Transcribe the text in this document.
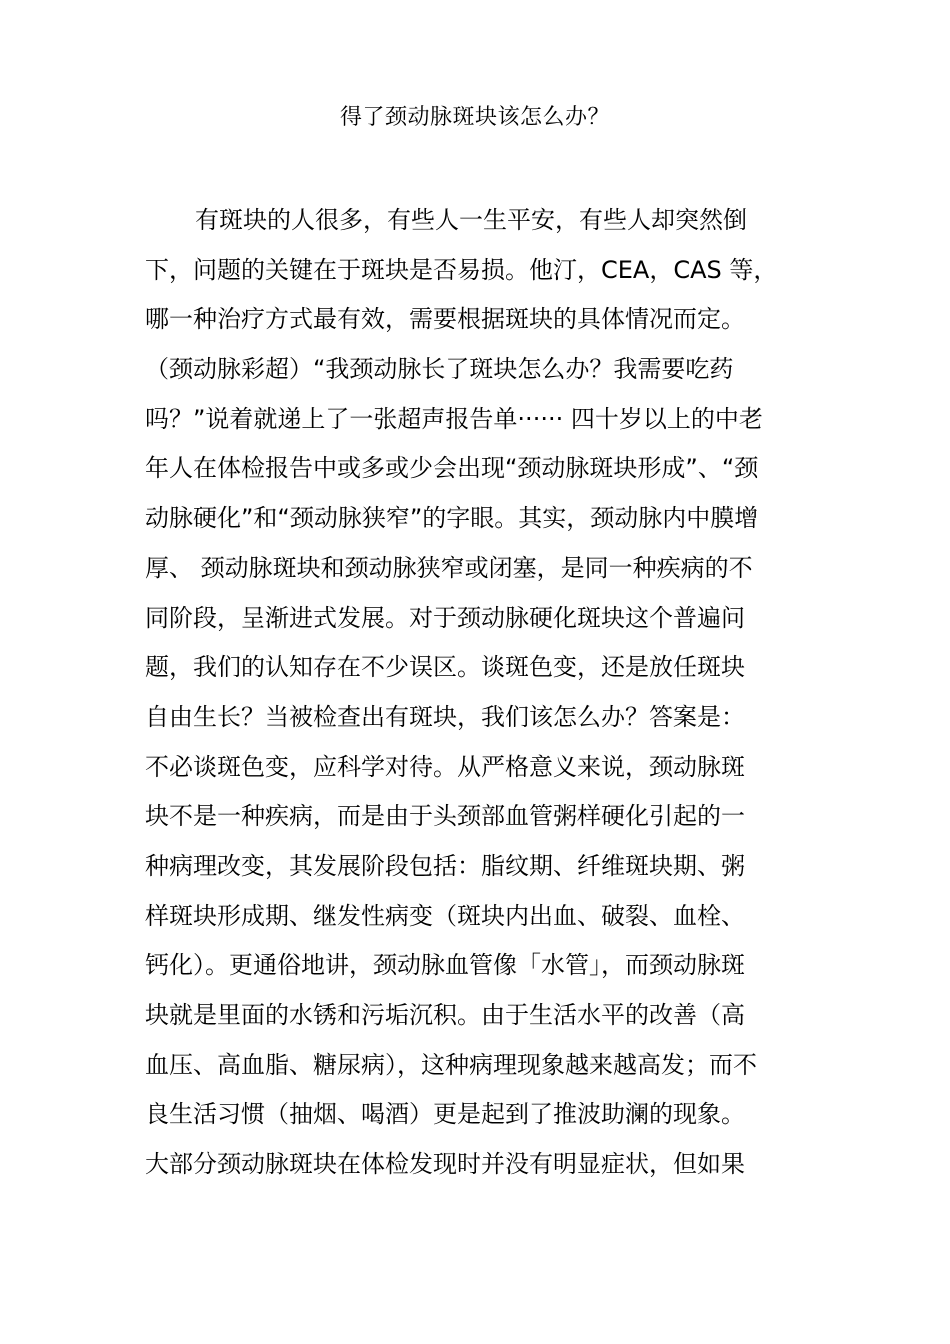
得了颈动脉斑块该怎么办？
有斑块的人很多，有些人一生平安，有些人却突然倒
下，问题的关键在于斑块是否易损。他汀，CEA，CAS 等，
哪一种治疗方式最有效，需要根据斑块的具体情况而定。
（颈动脉彩超）“我颈动脉长了斑块怎么办？我需要吃药
吗？”说着就递上了一张超声报告单······ 四十岁以上的中老
年人在体检报告中或多或少会出现“颈动脉斑块形成”、“颈
动脉硬化”和“颈动脉狭窄”的字眼。其实，颈动脉内中膜增
厚、 颈动脉斑块和颈动脉狭窄或闭塞，是同一种疾病的不
同阶段，呈渐进式发展。对于颈动脉硬化斑块这个普遍问
题，我们的认知存在不少误区。谈斑色变，还是放任斑块
自由生长？当被检查出有斑块，我们该怎么办？答案是：
不必谈斑色变，应科学对待。从严格意义来说，颈动脉斑
块不是一种疾病，而是由于头颈部血管粥样硬化引起的一
种病理改变，其发展阶段包括：脂纹期、纤维斑块期、粥
样斑块形成期、继发性病变（斑块内出血、破裂、血栓、
钙化）。更通俗地讲，颈动脉血管像「水管」，而颈动脉斑
块就是里面的水锈和污垢沉积。由于生活水平的改善（高
血压、高血脂、糖尿病），这种病理现象越来越高发；而不
良生活习惯（抽烟、喝酒）更是起到了推波助澜的现象。
大部分颈动脉斑块在体检发现时并没有明显症状，但如果
